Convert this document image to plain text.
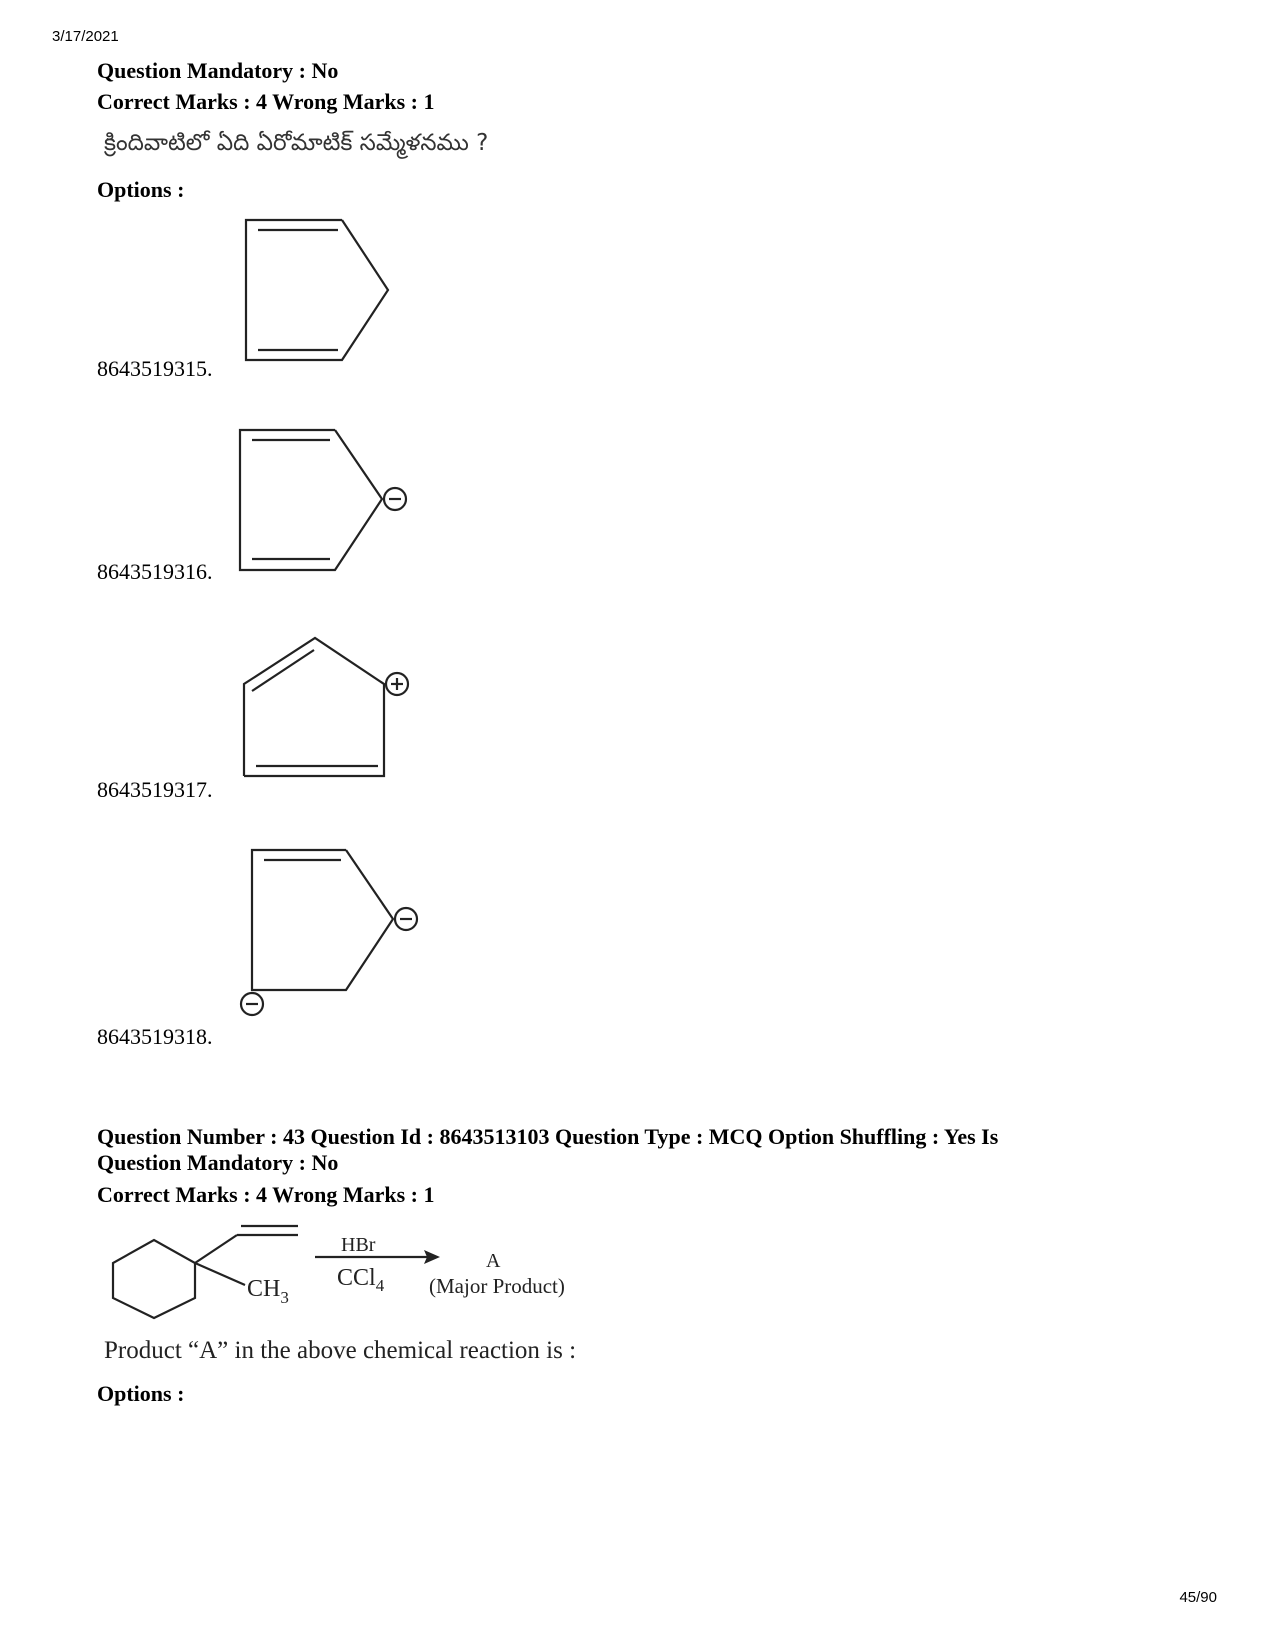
3/17/2021
Question Mandatory : No
Correct Marks : 4 Wrong Marks : 1
క్రిందివాటిలో ఏది ఏరోమాటిక్ సమ్మేళనము ?
Options :
8643519315.
8643519316.
8643519317.
8643519318.
Question Number : 43 Question Id : 8643513103 Question Type : MCQ Option Shuffling : Yes Is
Question Mandatory : No
Correct Marks : 4 Wrong Marks : 1
$CH_3$
HBr
CCl$_4$
A
(Major Product)
Product “A” in the above chemical reaction is :
Options :
45/90
